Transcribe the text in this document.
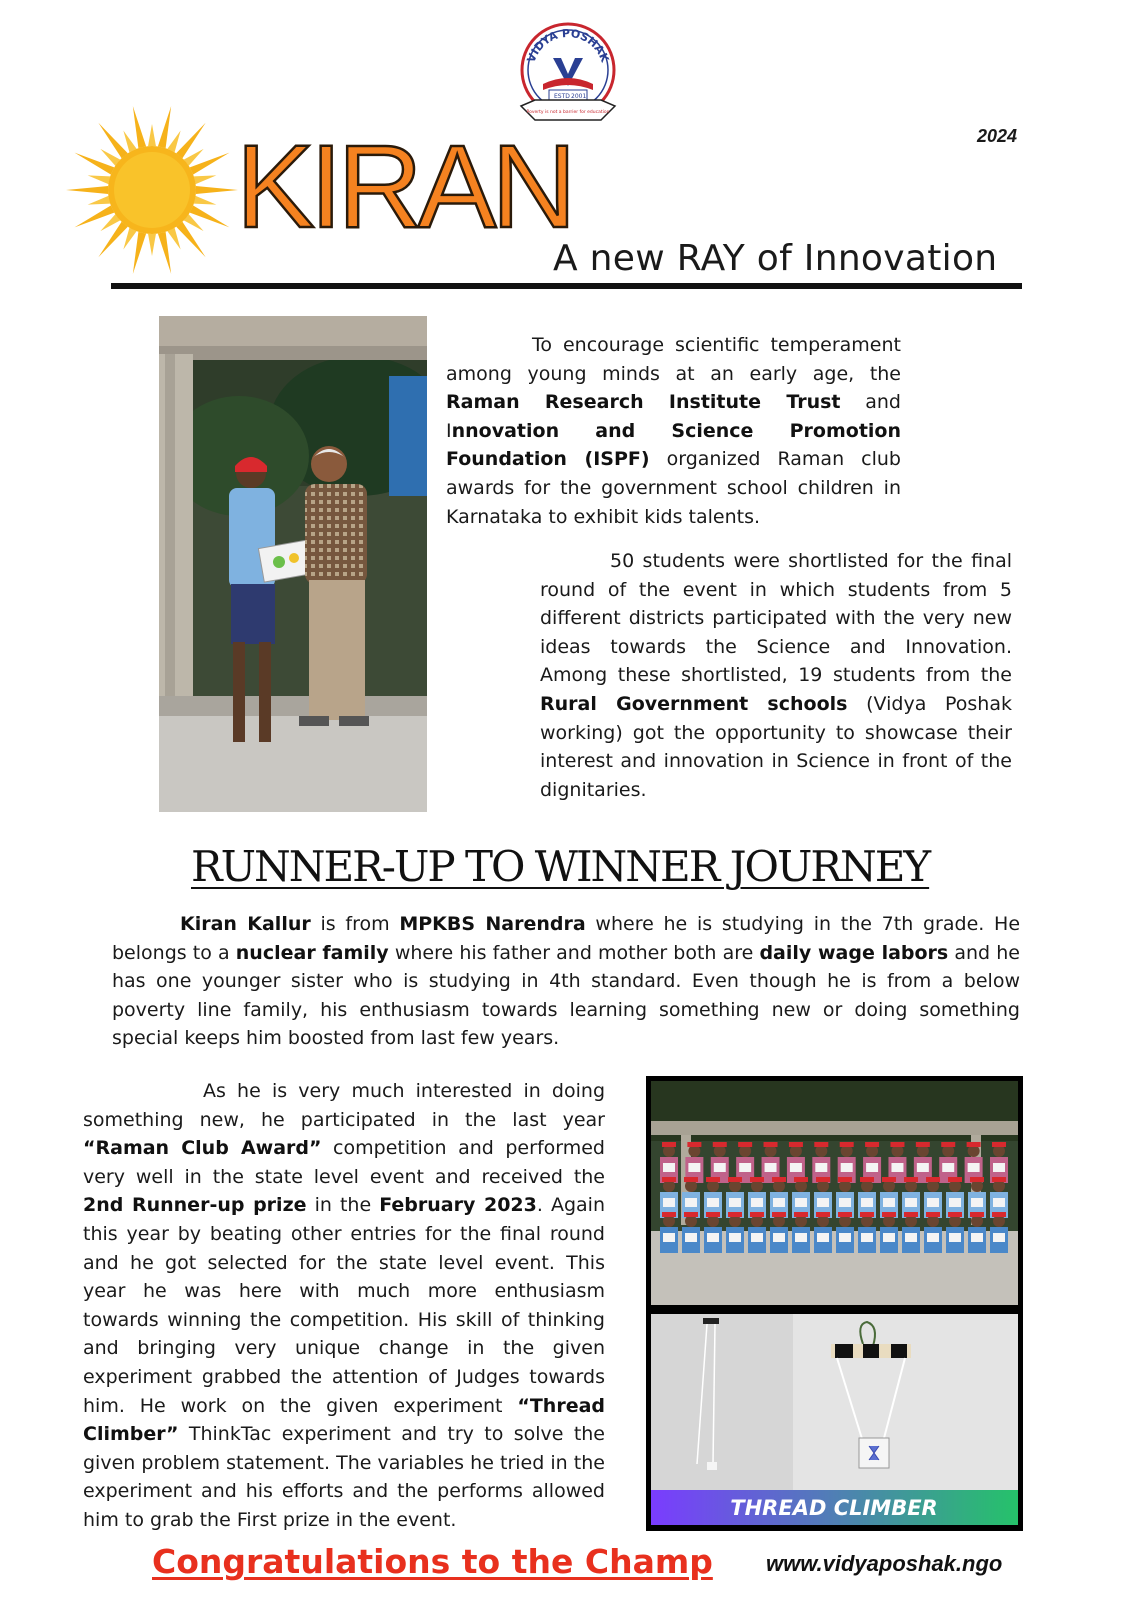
VIDYA POSHAK
ESTD 2001
Poverty is not a barrier for education
2024
KIRAN
A new RAY of Innovation
To encourage scientific temperament among young minds at an early age, the Raman Research Institute Trust and Innovation and Science Promotion Foundation (ISPF) organized Raman club awards for the government school children in Karnataka to exhibit kids talents.
50 students were shortlisted for the final round of the event in which students from 5 different districts participated with the very new ideas towards the Science and Innovation. Among these shortlisted, 19 students from the Rural Government schools (Vidya Poshak working) got the opportunity to showcase their interest and innovation in Science in front of the dignitaries.
RUNNER-UP TO WINNER JOURNEY
Kiran Kallur is from MPKBS Narendra where he is studying in the 7th grade. He belongs to a nuclear family where his father and mother both are daily wage labors and he has one younger sister who is studying in 4th standard. Even though he is from a below poverty line family, his enthusiasm towards learning something new or doing something special keeps him boosted from last few years.
As he is very much interested in doing something new, he participated in the last year “Raman Club Award” competition and performed very well in the state level event and received the 2nd Runner-up prize in the February 2023. Again this year by beating other entries for the final round and he got selected for the state level event. This year he was here with much more enthusiasm towards winning the competition. His skill of thinking and bringing very unique change in the given experiment grabbed the attention of Judges towards him. He work on the given experiment “Thread Climber” ThinkTac experiment and try to solve the given problem statement. The variables he tried in the experiment and his efforts and the performs allowed him to grab the First prize in the event.	THREAD CLIMBER
Congratulations to the Champ www.vidyaposhak.ngo
